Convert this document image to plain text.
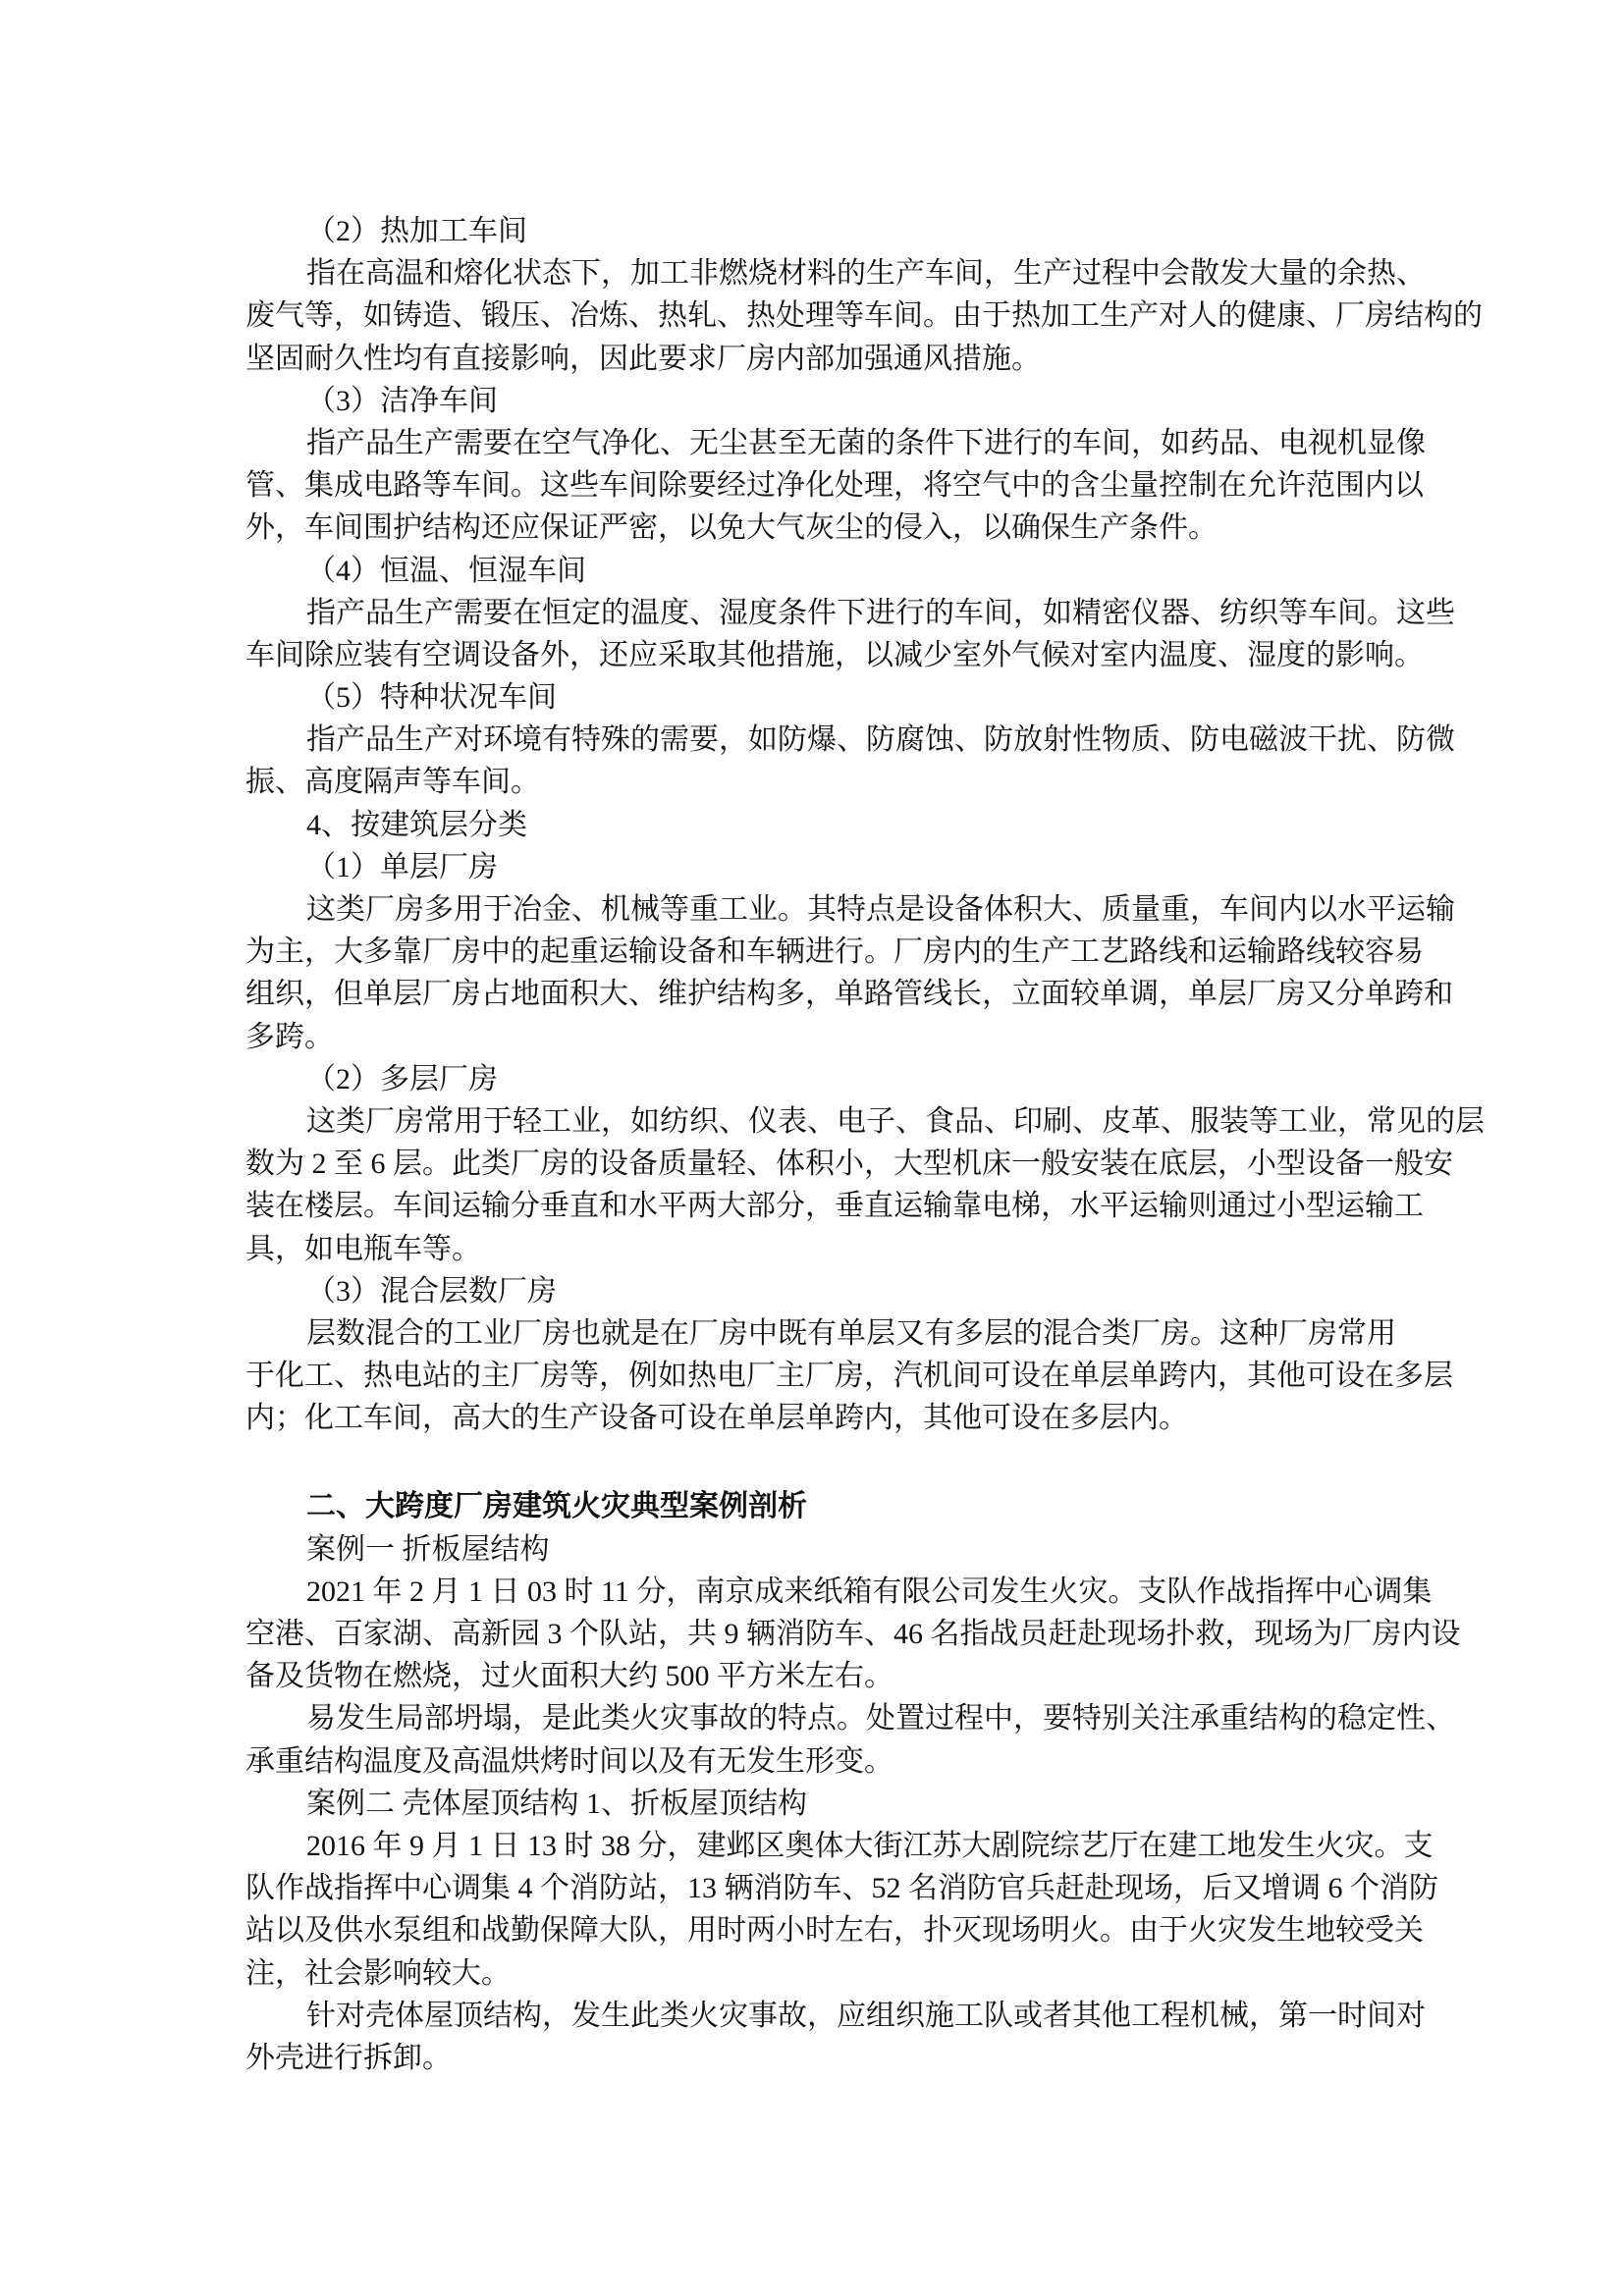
（2）热加工车间
指在高温和熔化状态下，加工非燃烧材料的生产车间，生产过程中会散发大量的余热、
废气等，如铸造、锻压、冶炼、热轧、热处理等车间。由于热加工生产对人的健康、厂房结构的
坚固耐久性均有直接影响，因此要求厂房内部加强通风措施。
（3）洁净车间
指产品生产需要在空气净化、无尘甚至无菌的条件下进行的车间，如药品、电视机显像
管、集成电路等车间。这些车间除要经过净化处理，将空气中的含尘量控制在允许范围内以
外，车间围护结构还应保证严密，以免大气灰尘的侵入，以确保生产条件。
（4）恒温、恒湿车间
指产品生产需要在恒定的温度、湿度条件下进行的车间，如精密仪器、纺织等车间。这些
车间除应装有空调设备外，还应采取其他措施，以减少室外气候对室内温度、湿度的影响。
（5）特种状况车间
指产品生产对环境有特殊的需要，如防爆、防腐蚀、防放射性物质、防电磁波干扰、防微
振、高度隔声等车间。
4、按建筑层分类
（1）单层厂房
这类厂房多用于冶金、机械等重工业。其特点是设备体积大、质量重，车间内以水平运输
为主，大多靠厂房中的起重运输设备和车辆进行。厂房内的生产工艺路线和运输路线较容易
组织，但单层厂房占地面积大、维护结构多，单路管线长，立面较单调，单层厂房又分单跨和
多跨。
（2）多层厂房
这类厂房常用于轻工业，如纺织、仪表、电子、食品、印刷、皮革、服装等工业，常见的层
数为 2 至 6 层。此类厂房的设备质量轻、体积小，大型机床一般安装在底层，小型设备一般安
装在楼层。车间运输分垂直和水平两大部分，垂直运输靠电梯，水平运输则通过小型运输工
具，如电瓶车等。
（3）混合层数厂房
层数混合的工业厂房也就是在厂房中既有单层又有多层的混合类厂房。这种厂房常用
于化工、热电站的主厂房等，例如热电厂主厂房，汽机间可设在单层单跨内，其他可设在多层
内；化工车间，高大的生产设备可设在单层单跨内，其他可设在多层内。
二、大跨度厂房建筑火灾典型案例剖析
案例一 折板屋结构
2021 年 2 月 1 日 03 时 11 分，南京成来纸箱有限公司发生火灾。支队作战指挥中心调集
空港、百家湖、高新园 3 个队站，共 9 辆消防车、46 名指战员赶赴现场扑救，现场为厂房内设
备及货物在燃烧，过火面积大约 500 平方米左右。
易发生局部坍塌，是此类火灾事故的特点。处置过程中，要特别关注承重结构的稳定性、
承重结构温度及高温烘烤时间以及有无发生形变。
案例二 壳体屋顶结构 1、折板屋顶结构
2016 年 9 月 1 日 13 时 38 分，建邺区奥体大街江苏大剧院综艺厅在建工地发生火灾。支
队作战指挥中心调集 4 个消防站，13 辆消防车、52 名消防官兵赶赴现场，后又增调 6 个消防
站以及供水泵组和战勤保障大队，用时两小时左右，扑灭现场明火。由于火灾发生地较受关
注，社会影响较大。
针对壳体屋顶结构，发生此类火灾事故，应组织施工队或者其他工程机械，第一时间对
外壳进行拆卸。
